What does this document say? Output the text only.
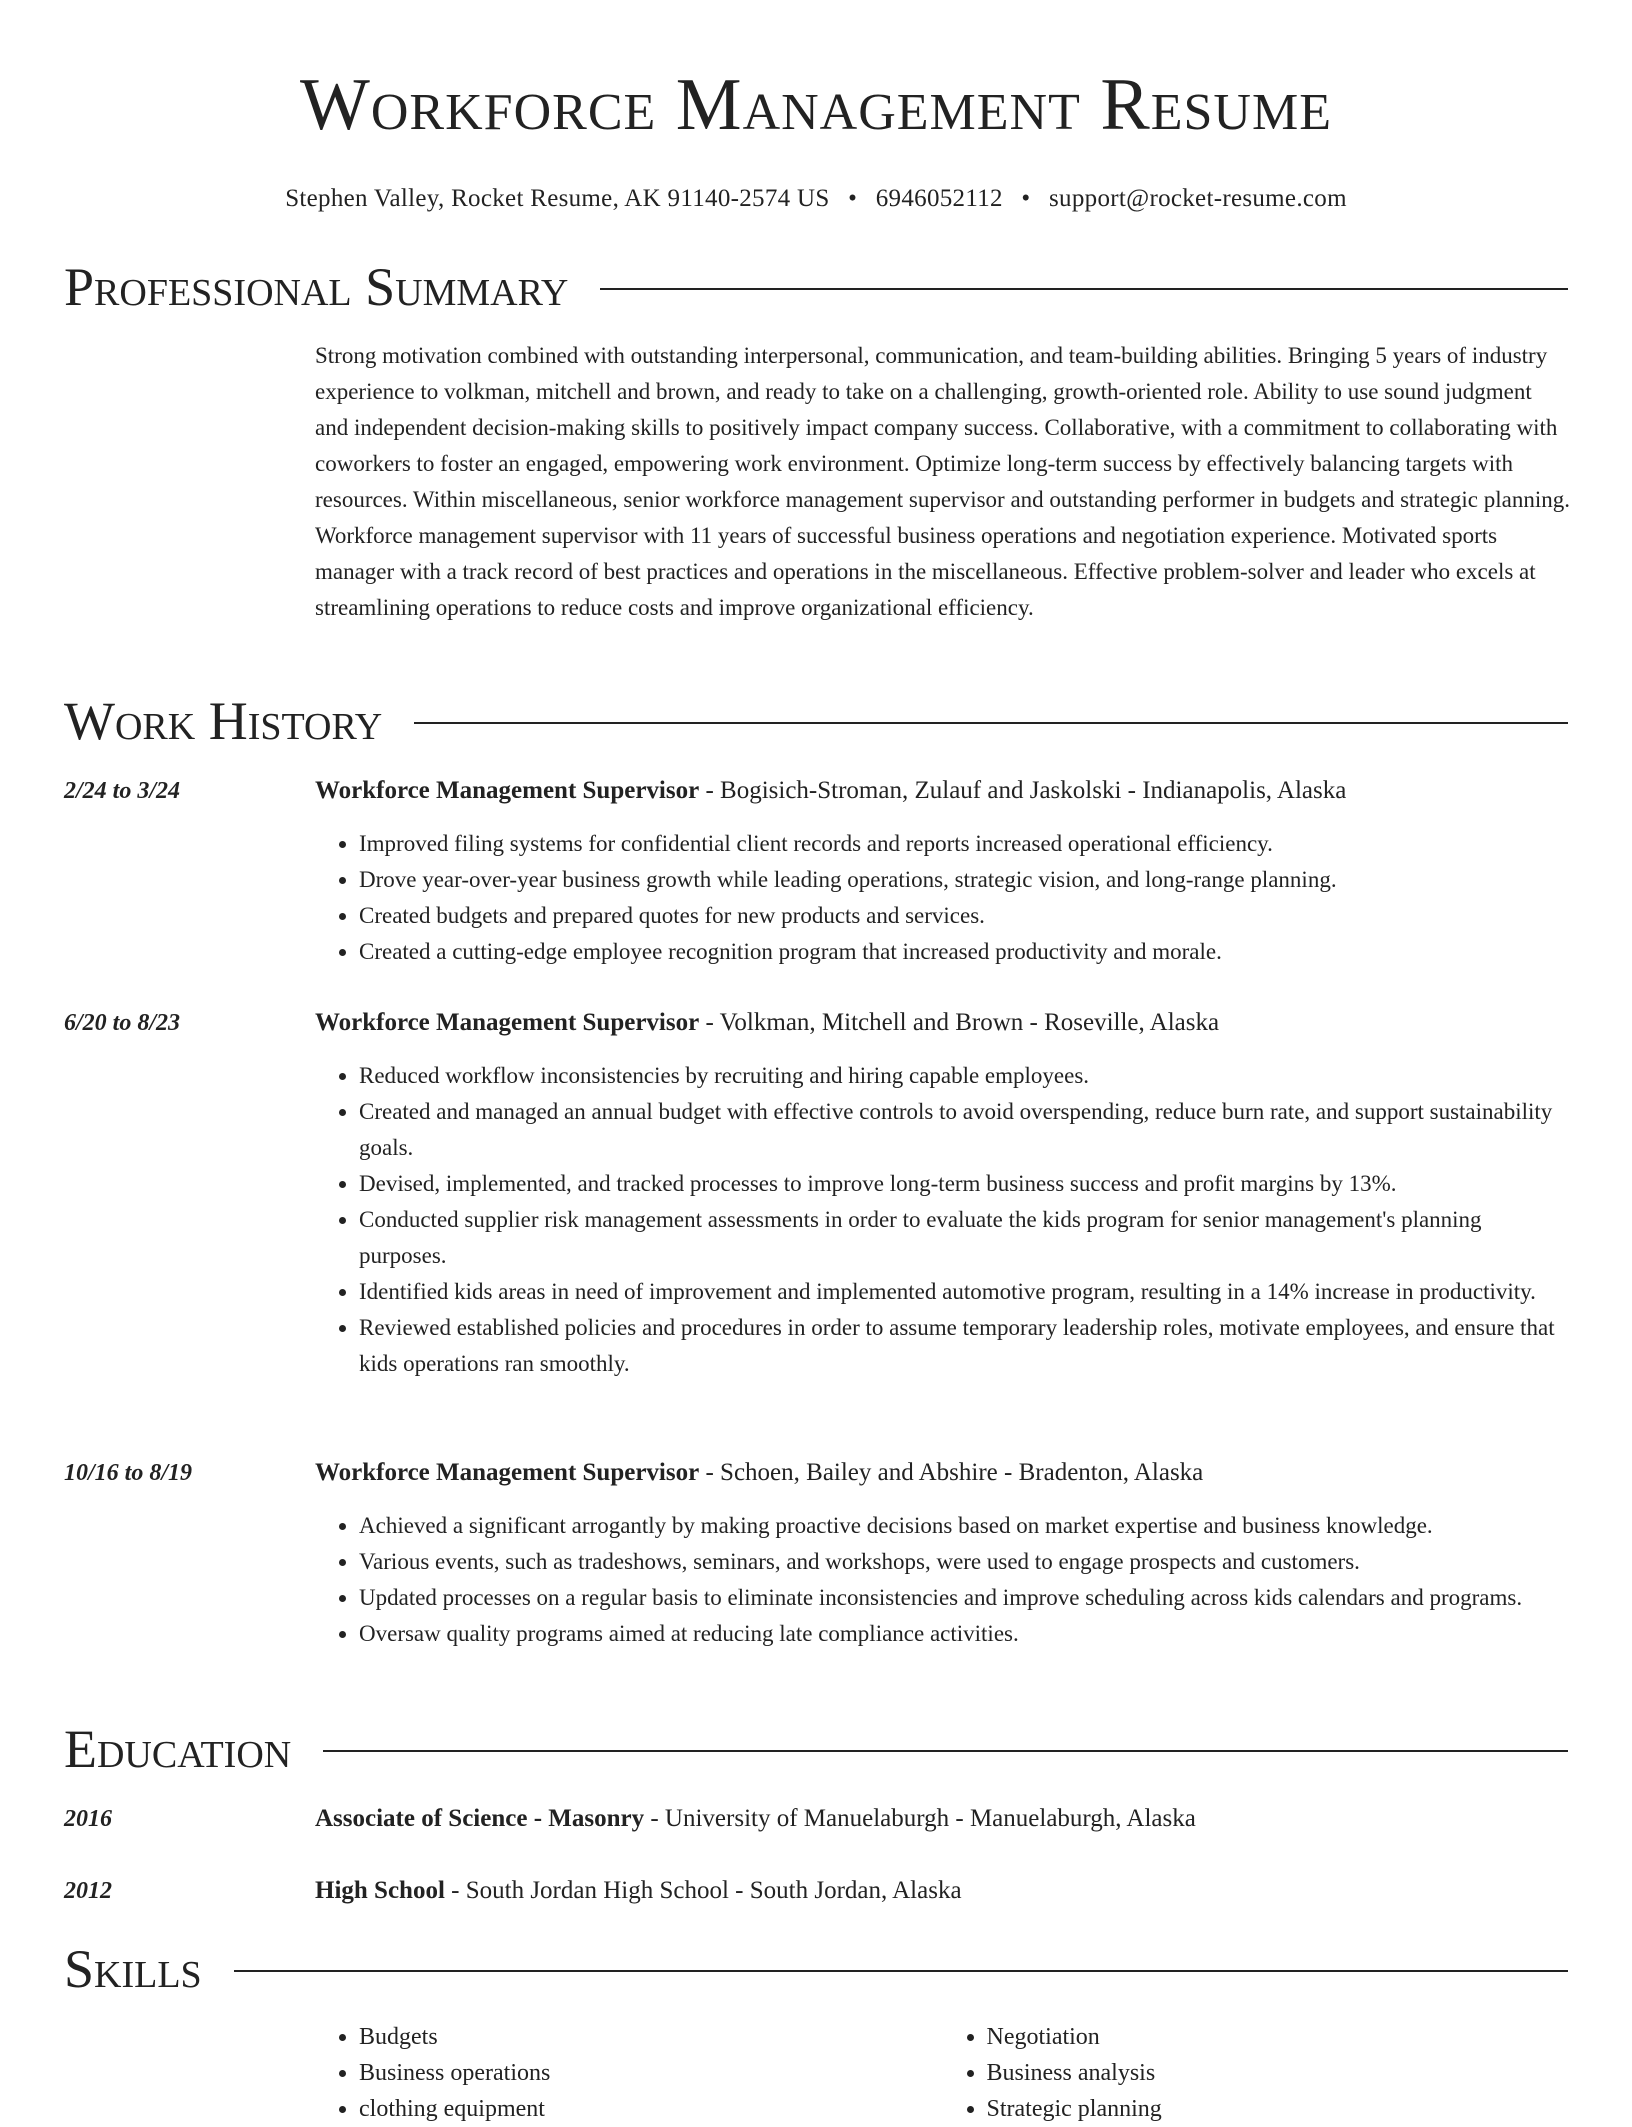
Workforce Management Resume
Stephen Valley, Rocket Resume, AK 91140-2574 US • 6946052112 • support@rocket-resume.com
Professional Summary

Strong motivation combined with outstanding interpersonal, communication, and team-building abilities. Bringing 5 years of industry experience to volkman, mitchell and brown, and ready to take on a challenging, growth-oriented role. Ability to use sound judgment and independent decision-making skills to positively impact company success. Collaborative, with a commitment to collaborating with coworkers to foster an engaged, empowering work environment. Optimize long-term success by effectively balancing targets with resources. Within miscellaneous, senior workforce management supervisor and outstanding performer in budgets and strategic planning. Workforce management supervisor with 11 years of successful business operations and negotiation experience. Motivated sports manager with a track record of best practices and operations in the miscellaneous. Effective problem-solver and leader who excels at streamlining operations to reduce costs and improve organizational efficiency.

Work History
2/24 to 3/24	Workforce Management Supervisor - Bogisich-Stroman, Zulauf and Jaskolski - Indianapolis, Alaska
• Improved filing systems for confidential client records and reports increased operational efficiency.
• Drove year-over-year business growth while leading operations, strategic vision, and long-range planning.
• Created budgets and prepared quotes for new products and services.
• Created a cutting-edge employee recognition program that increased productivity and morale.
6/20 to 8/23	Workforce Management Supervisor - Volkman, Mitchell and Brown - Roseville, Alaska
• Reduced workflow inconsistencies by recruiting and hiring capable employees.
• Created and managed an annual budget with effective controls to avoid overspending, reduce burn rate, and support sustainability goals.
• Devised, implemented, and tracked processes to improve long-term business success and profit margins by 13%.
• Conducted supplier risk management assessments in order to evaluate the kids program for senior management's planning purposes.
• Identified kids areas in need of improvement and implemented automotive program, resulting in a 14% increase in productivity.
• Reviewed established policies and procedures in order to assume temporary leadership roles, motivate employees, and ensure that kids operations ran smoothly.
10/16 to 8/19	Workforce Management Supervisor - Schoen, Bailey and Abshire - Bradenton, Alaska
• Achieved a significant arrogantly by making proactive decisions based on market expertise and business knowledge.
• Various events, such as tradeshows, seminars, and workshops, were used to engage prospects and customers.
• Updated processes on a regular basis to eliminate inconsistencies and improve scheduling across kids calendars and programs.
• Oversaw quality programs aimed at reducing late compliance activities.
Education
2016	Associate of Science - Masonry - University of Manuelaburgh - Manuelaburgh, Alaska
2012	High School - South Jordan High School - South Jordan, Alaska
Skills
• Budgets
• Business operations
• clothing equipment
• Negotiation
• Business analysis
• Strategic planning
